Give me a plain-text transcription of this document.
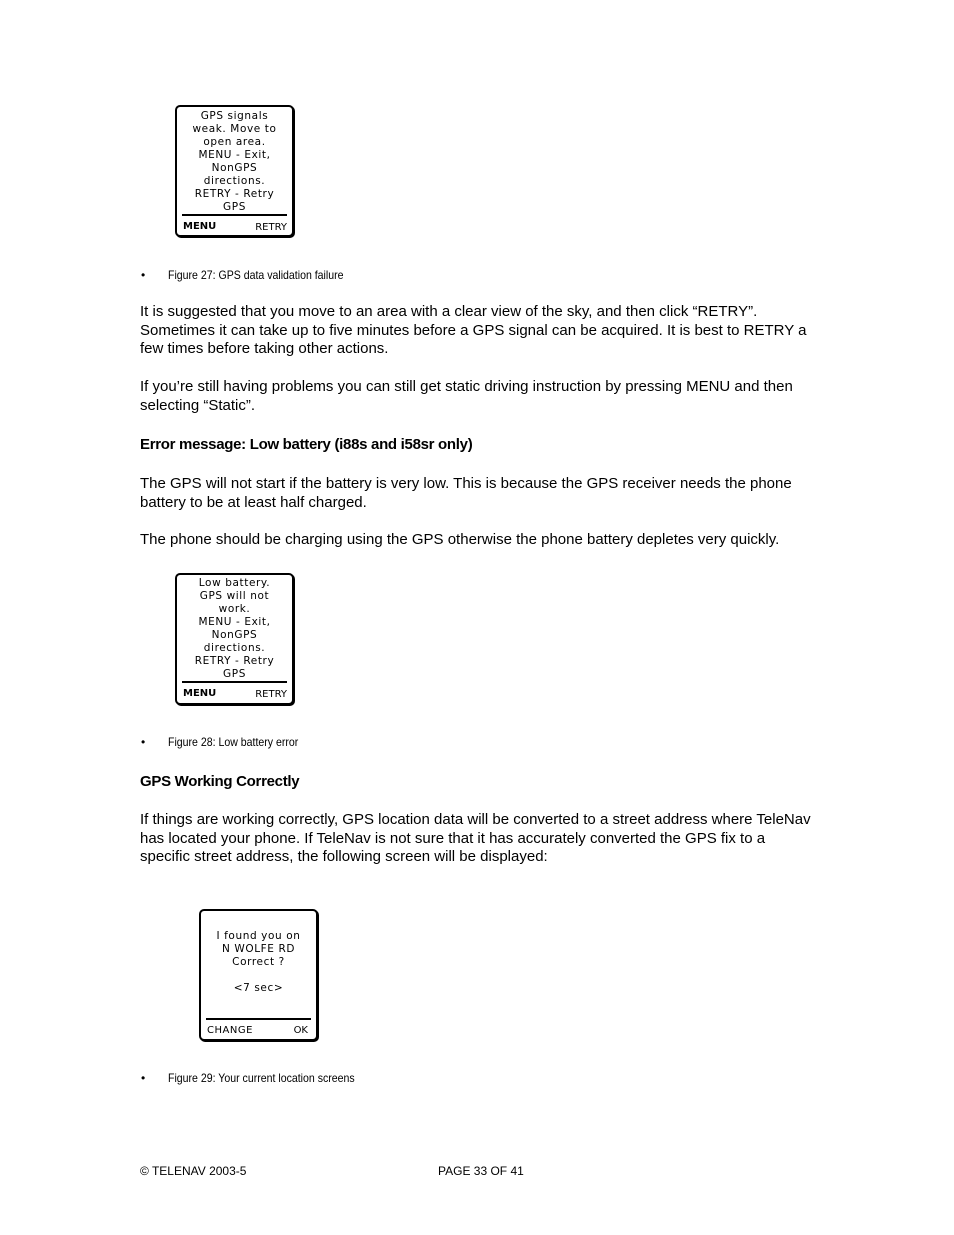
GPS signals
weak. Move to
open area.
MENU - Exit,
NonGPS
directions.
RETRY - Retry
GPS
MENU	RETRY
• Figure 27: GPS data validation failure

It is suggested that you move to an area with a clear view of the sky, and then click “RETRY”. Sometimes it can take up to five minutes before a GPS signal can be acquired. It is best to RETRY a few times before taking other actions.

If you’re still having problems you can still get static driving instruction by pressing MENU and then selecting “Static”.

Error message: Low battery (i88s and i58sr only)

The GPS will not start if the battery is very low. This is because the GPS receiver needs the phone battery to be at least half charged.

The phone should be charging using the GPS otherwise the phone battery depletes very quickly.

Low battery.
GPS will not
work.
MENU - Exit,
NonGPS
directions.
RETRY - Retry
GPS
MENU	RETRY
• Figure 28: Low battery error
GPS Working Correctly

If things are working correctly, GPS location data will be converted to a street address where TeleNav has located your phone. If TeleNav is not sure that it has accurately converted the GPS fix to a specific street address, the following screen will be displayed:

I found you on
N WOLFE RD
Correct ?
<7 sec>
CHANGE	OK
• Figure 29: Your current location screens
© TELENAV 2003-5	PAGE 33 OF 41
